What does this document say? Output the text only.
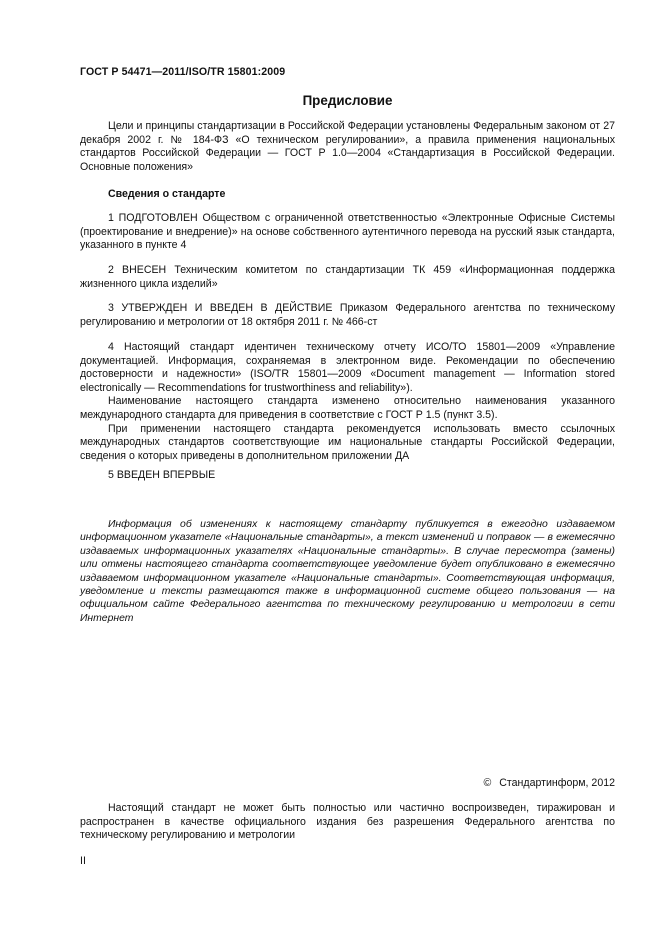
ГОСТ Р 54471—2011/ISO/TR 15801:2009
Предисловие

Цели и принципы стандартизации в Российской Федерации установлены Федеральным законом от 27 декабря 2002 г. № 184-ФЗ «О техническом регулировании», а правила применения национальных стандартов Российской Федерации — ГОСТ Р 1.0—2004 «Стандартизация в Российской Федерации. Основные положения»

Сведения о стандарте

1 ПОДГОТОВЛЕН Обществом с ограниченной ответственностью «Электронные Офисные Системы (проектирование и внедрение)» на основе собственного аутентичного перевода на русский язык стандарта, указанного в пункте 4

2 ВНЕСЕН Техническим комитетом по стандартизации ТК 459 «Информационная поддержка жизненного цикла изделий»

3 УТВЕРЖДЕН И ВВЕДЕН В ДЕЙСТВИЕ Приказом Федерального агентства по техническому регулированию и метрологии от 18 октября 2011 г. № 466-ст

4 Настоящий стандарт идентичен техническому отчету ИСО/ТО 15801—2009 «Управление документацией. Информация, сохраняемая в электронном виде. Рекомендации по обеспечению достоверности и надежности» (ISO/TR 15801—2009 «Document management — Information stored electronically — Recommendations for trustworthiness and reliability»).

Наименование настоящего стандарта изменено относительно наименования указанного международного стандарта для приведения в соответствие с ГОСТ Р 1.5 (пункт 3.5).

При применении настоящего стандарта рекомендуется использовать вместо ссылочных международных стандартов соответствующие им национальные стандарты Российской Федерации, сведения о которых приведены в дополнительном приложении ДА

5 ВВЕДЕН ВПЕРВЫЕ

Информация об изменениях к настоящему стандарту публикуется в ежегодно издаваемом информационном указателе «Национальные стандарты», а текст изменений и поправок — в ежемесячно издаваемых информационных указателях «Национальные стандарты». В случае пересмотра (замены) или отмены настоящего стандарта соответствующее уведомление будет опубликовано в ежемесячно издаваемом информационном указателе «Национальные стандарты». Соответствующая информация, уведомление и тексты размещаются также в информационной системе общего пользования — на официальном сайте Федерального агентства по техническому регулированию и метрологии в сети Интернет

© Стандартинформ, 2012

Настоящий стандарт не может быть полностью или частично воспроизведен, тиражирован и распространен в качестве официального издания без разрешения Федерального агентства по техническому регулированию и метрологии

II
